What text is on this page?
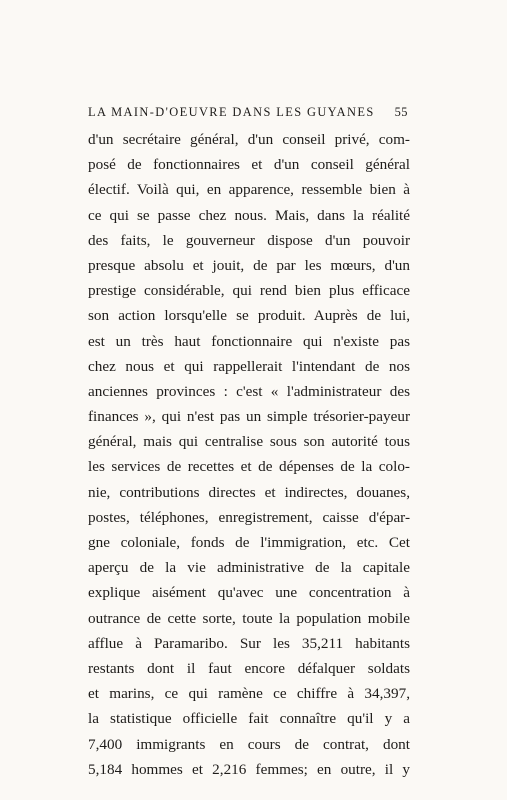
LA MAIN-D'OEUVRE DANS LES GUYANES 55
d'un secrétaire général, d'un conseil privé, com-
posé de fonctionnaires et d'un conseil général
électif. Voilà qui, en apparence, ressemble bien à
ce qui se passe chez nous. Mais, dans la réalité
des faits, le gouverneur dispose d'un pouvoir
presque absolu et jouit, de par les mœurs, d'un
prestige considérable, qui rend bien plus efficace
son action lorsqu'elle se produit. Auprès de lui,
est un très haut fonctionnaire qui n'existe pas
chez nous et qui rappellerait l'intendant de nos
anciennes provinces : c'est « l'administrateur des
finances », qui n'est pas un simple trésorier-payeur
général, mais qui centralise sous son autorité tous
les services de recettes et de dépenses de la colo-
nie, contributions directes et indirectes, douanes,
postes, téléphones, enregistrement, caisse d'épar-
gne coloniale, fonds de l'immigration, etc. Cet
aperçu de la vie administrative de la capitale
explique aisément qu'avec une concentration à
outrance de cette sorte, toute la population mobile
afflue à Paramaribo. Sur les 35,211 habitants
restants dont il faut encore défalquer soldats
et marins, ce qui ramène ce chiffre à 34,397,
la statistique officielle fait connaître qu'il y a
7,400 immigrants en cours de contrat, dont
5,184 hommes et 2,216 femmes; en outre, il y
